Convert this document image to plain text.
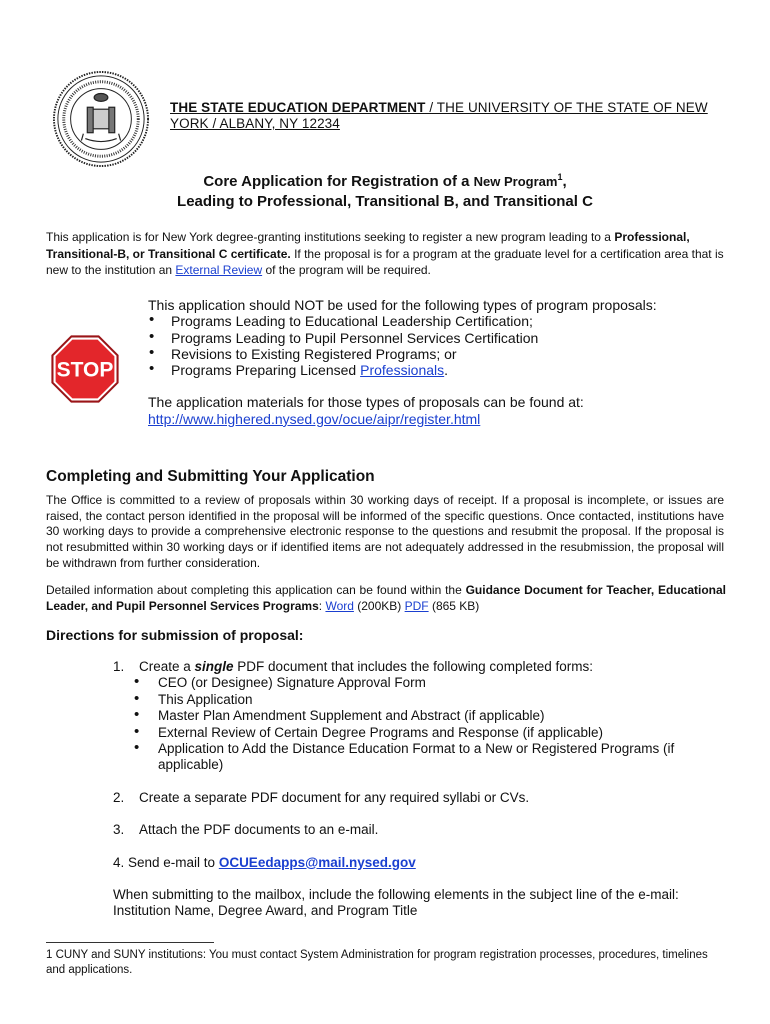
THE STATE EDUCATION DEPARTMENT / THE UNIVERSITY OF THE STATE OF NEW YORK / ALBANY, NY 12234
Core Application for Registration of a New Program$^1$,
Leading to Professional, Transitional B, and Transitional C
This application is for New York degree-granting institutions seeking to register a new program leading to a Professional, Transitional-B, or Transitional C certificate. If the proposal is for a program at the graduate level for a certification area that is new to the institution an External Review of the program will be required.
STOP
This application should NOT be used for the following types of program proposals:
• Programs Leading to Educational Leadership Certification;
• Programs Leading to Pupil Personnel Services Certification
• Revisions to Existing Registered Programs; or
• Programs Preparing Licensed Professionals.
The application materials for those types of proposals can be found at:
http://www.highered.nysed.gov/ocue/aipr/register.html
Completing and Submitting Your Application
The Office is committed to a review of proposals within 30 working days of receipt. If a proposal is incomplete, or issues are raised, the contact person identified in the proposal will be informed of the specific questions. Once contacted, institutions have 30 working days to provide a comprehensive electronic response to the questions and resubmit the proposal. If the proposal is not resubmitted within 30 working days or if identified items are not adequately addressed in the resubmission, the proposal will be withdrawn from further consideration.
Detailed information about completing this application can be found within the Guidance Document for Teacher, Educational Leader, and Pupil Personnel Services Programs: Word (200KB) PDF (865 KB)
Directions for submission of proposal:
1. Create a single PDF document that includes the following completed forms:
• CEO (or Designee) Signature Approval Form
• This Application
• Master Plan Amendment Supplement and Abstract (if applicable)
• External Review of Certain Degree Programs and Response (if applicable)
• Application to Add the Distance Education Format to a New or Registered Programs (if applicable)
2. Create a separate PDF document for any required syllabi or CVs.
3. Attach the PDF documents to an e-mail.
4. Send e-mail to OCUEedapps@mail.nysed.gov
When submitting to the mailbox, include the following elements in the subject line of the e-mail: Institution Name, Degree Award, and Program Title
1 CUNY and SUNY institutions: You must contact System Administration for program registration processes, procedures, timelines and applications.
